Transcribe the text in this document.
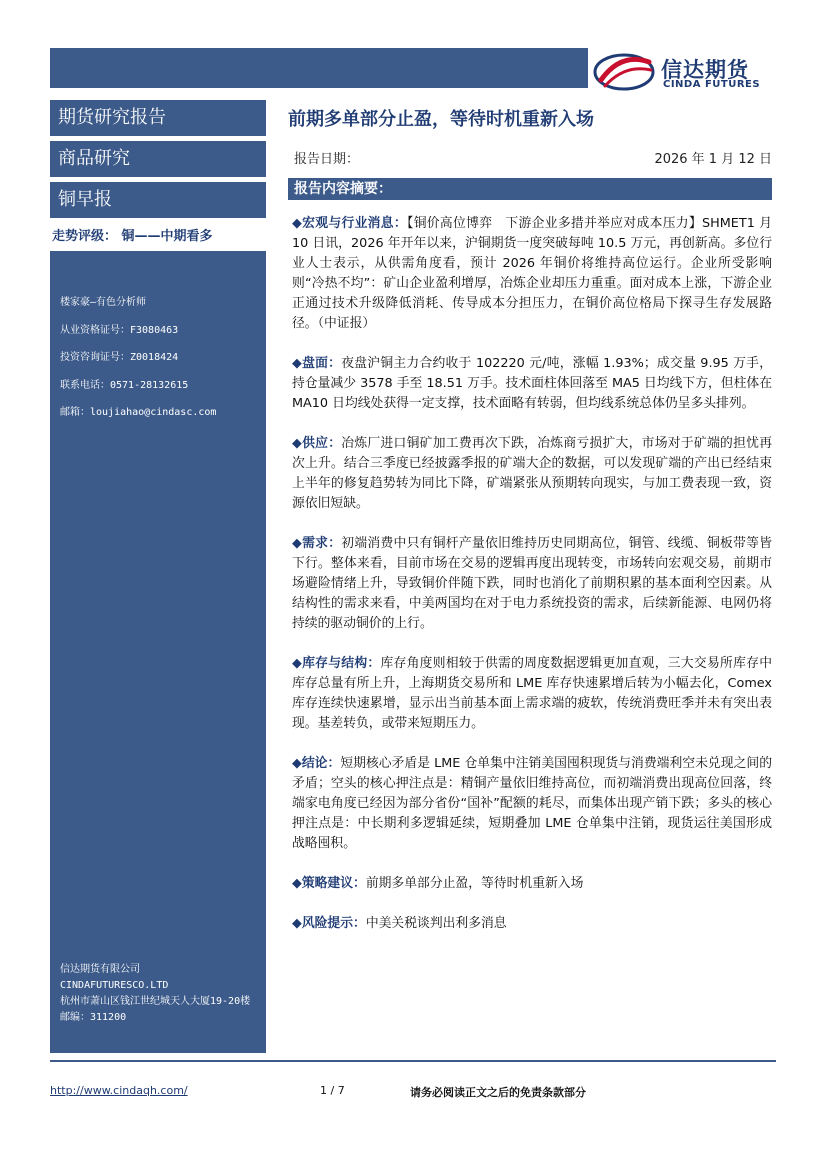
信达期货
CINDA FUTURES
期货研究报告
商品研究
铜早报
走势评级： 铜——中期看多
楼家豪—有色分析师
从业资格证号：F3080463
投资咨询证号：Z0018424
联系电话：0571-28132615
邮箱：loujiahao@cindasc.com
信达期货有限公司
CINDAFUTURESCO.LTD
杭州市萧山区钱江世纪城天人大厦19-20楼
邮编：311200
前期多单部分止盈，等待时机重新入场
报告日期：	2026 年 1 月 12 日
报告内容摘要：

◆宏观与行业消息：【铜价高位博弈　下游企业多措并举应对成本压力】SHMET1 月 10 日讯，2026 年开年以来，沪铜期货一度突破每吨 10.5 万元，再创新高。多位行业人士表示，从供需角度看，预计 2026 年铜价将维持高位运行。企业所受影响则“冷热不均”：矿山企业盈利增厚，冶炼企业却压力重重。面对成本上涨，下游企业正通过技术升级降低消耗、传导成本分担压力，在铜价高位格局下探寻生存发展路径。（中证报）

◆盘面：夜盘沪铜主力合约收于 102220 元/吨，涨幅 1.93%；成交量 9.95 万手，持仓量减少 3578 手至 18.51 万手。技术面柱体回落至 MA5 日均线下方，但柱体在 MA10 日均线处获得一定支撑，技术面略有转弱，但均线系统总体仍呈多头排列。

◆供应：冶炼厂进口铜矿加工费再次下跌，冶炼商亏损扩大，市场对于矿端的担忧再次上升。结合三季度已经披露季报的矿端大企的数据，可以发现矿端的产出已经结束上半年的修复趋势转为同比下降，矿端紧张从预期转向现实，与加工费表现一致，资源依旧短缺。

◆需求：初端消费中只有铜杆产量依旧维持历史同期高位，铜管、线缆、铜板带等皆下行。整体来看，目前市场在交易的逻辑再度出现转变，市场转向宏观交易，前期市场避险情绪上升，导致铜价伴随下跌，同时也消化了前期积累的基本面利空因素。从结构性的需求来看，中美两国均在对于电力系统投资的需求，后续新能源、电网仍将持续的驱动铜价的上行。

◆库存与结构：库存角度则相较于供需的周度数据逻辑更加直观，三大交易所库存中库存总量有所上升，上海期货交易所和 LME 库存快速累增后转为小幅去化，Comex 库存连续快速累增，显示出当前基本面上需求端的疲软，传统消费旺季并未有突出表现。基差转负，或带来短期压力。

◆结论：短期核心矛盾是 LME 仓单集中注销美国囤积现货与消费端利空未兑现之间的矛盾；空头的核心押注点是：精铜产量依旧维持高位，而初端消费出现高位回落，终端家电角度已经因为部分省份“国补”配额的耗尽，而集体出现产销下跌；多头的核心押注点是：中长期利多逻辑延续，短期叠加 LME 仓单集中注销，现货运往美国形成战略囤积。

◆策略建议：前期多单部分止盈，等待时机重新入场

◆风险提示：中美关税谈判出利多消息

http://www.cindaqh.com/	1 / 7	请务必阅读正文之后的免责条款部分
